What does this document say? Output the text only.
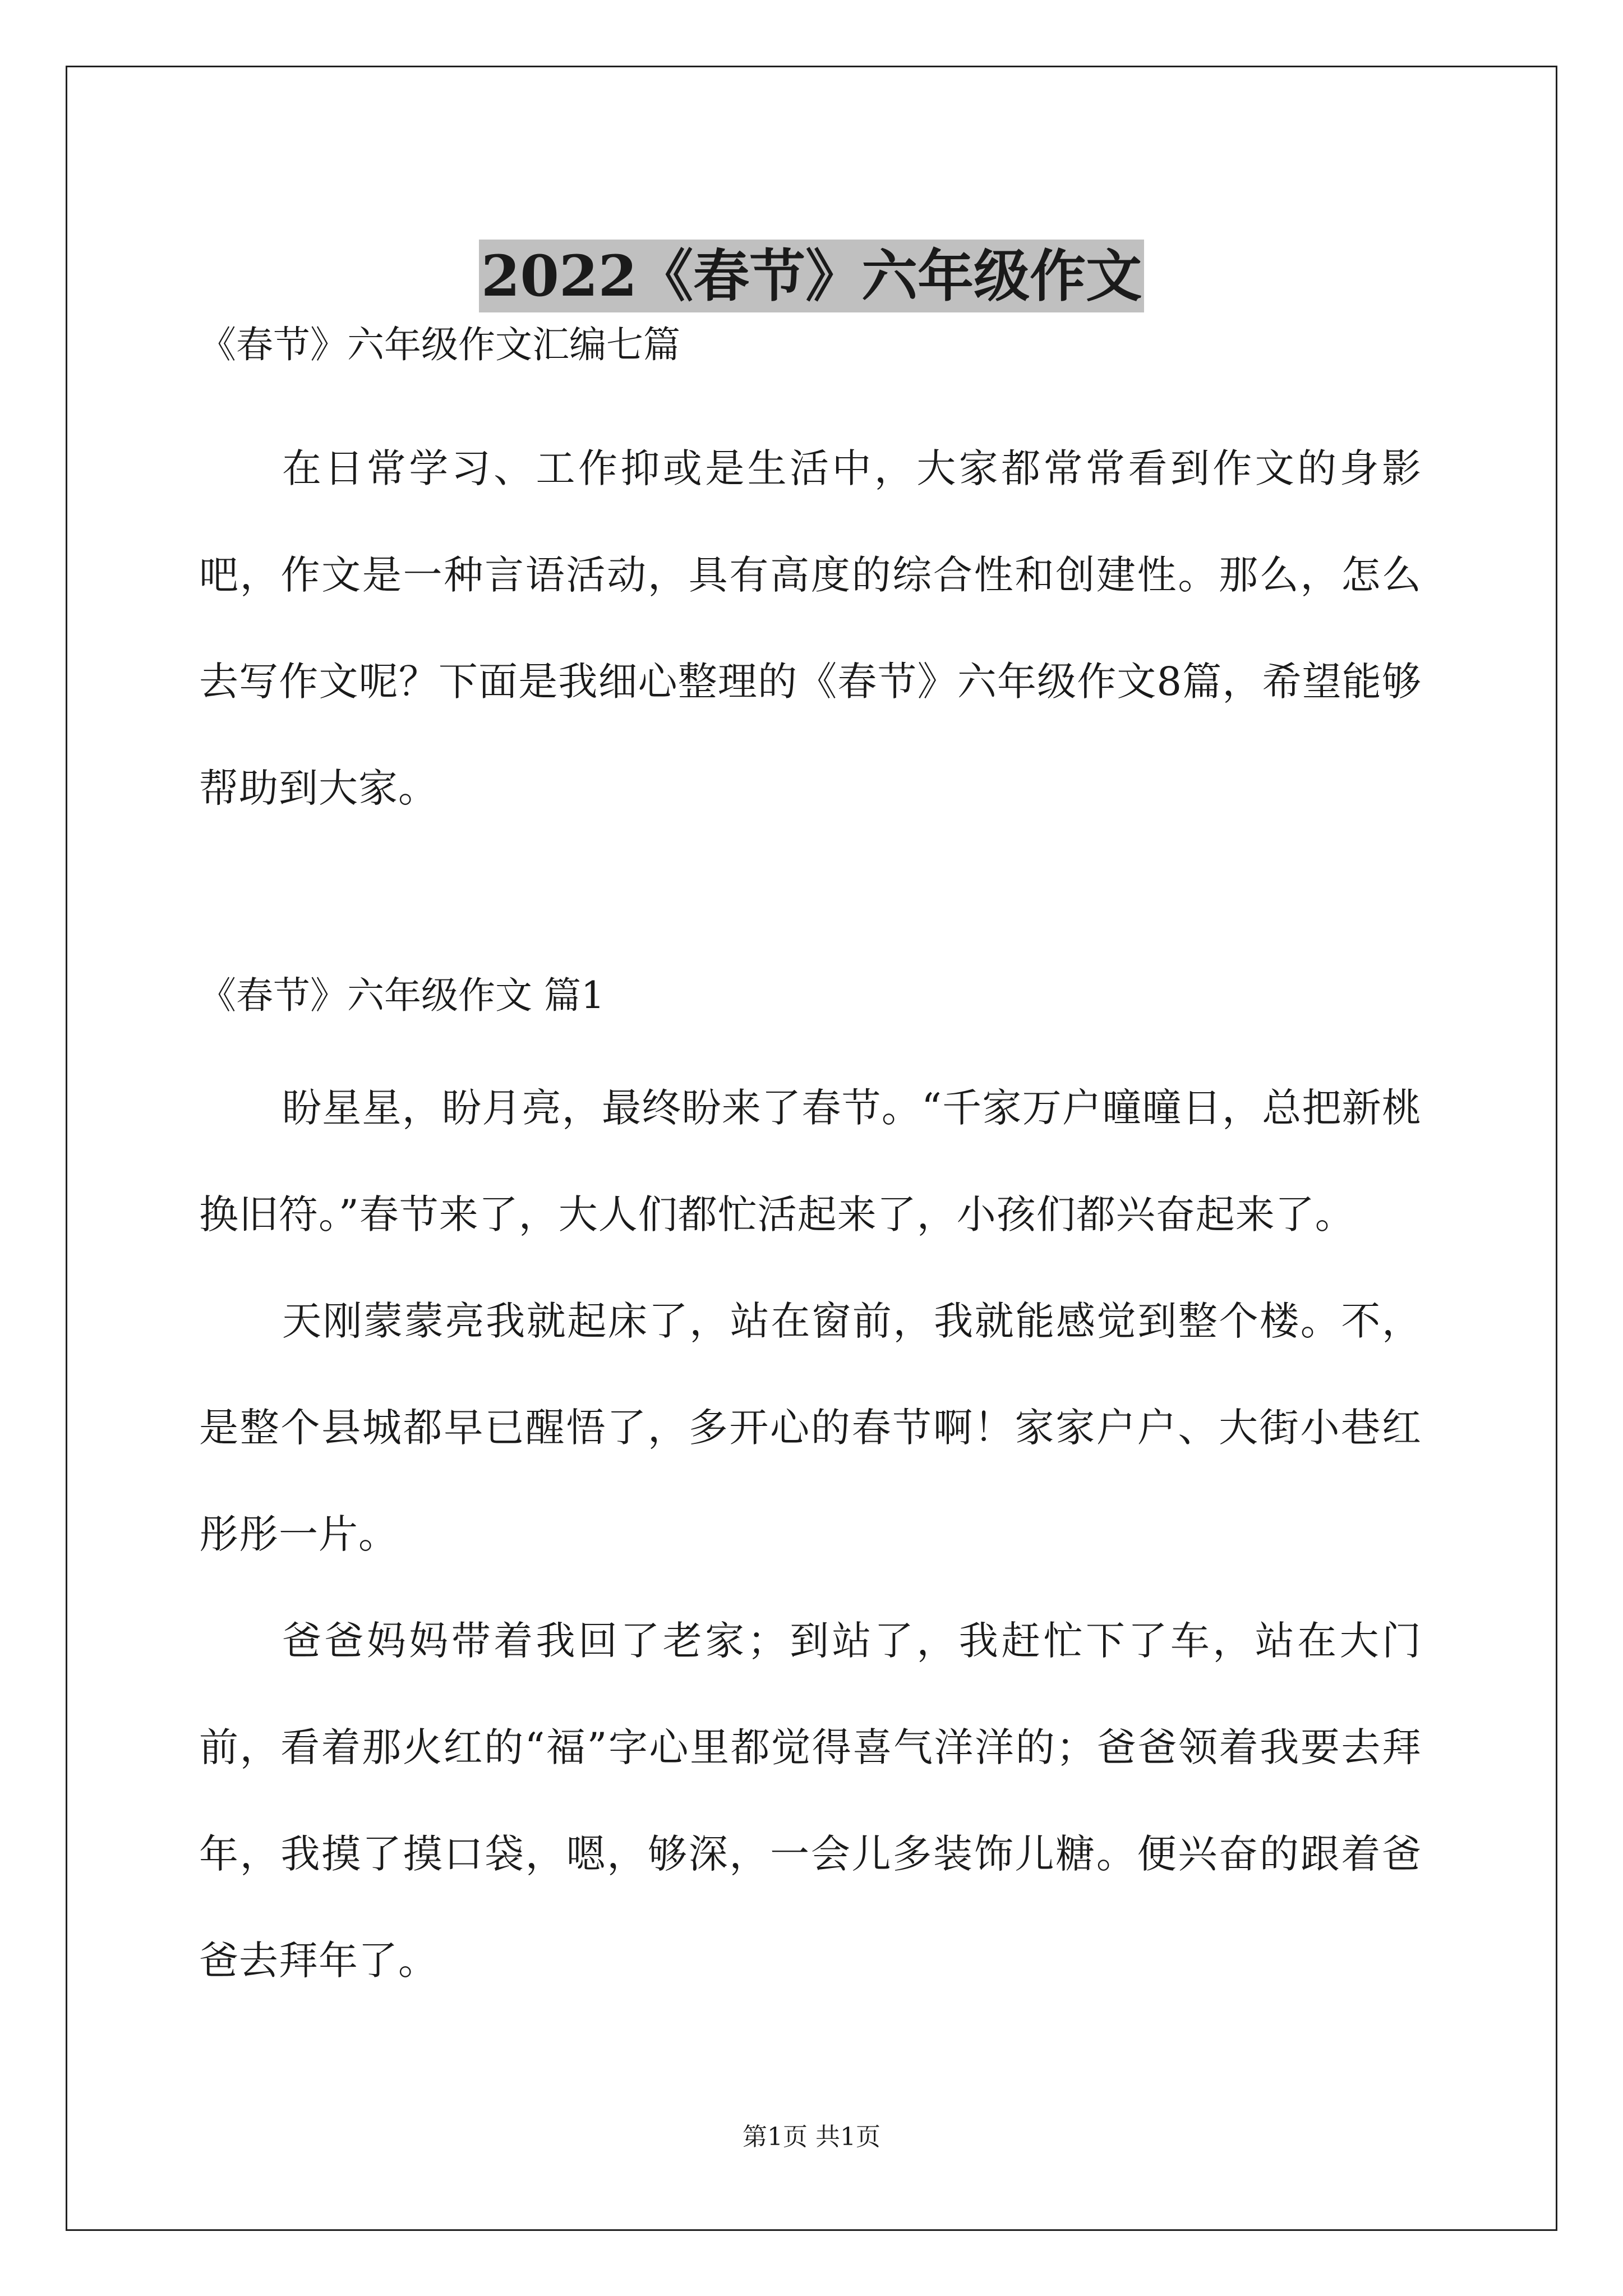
2022《春节》六年级作文

《春节》六年级作文汇编七篇

在日常学习、工作抑或是生活中，大家都常常看到作文的身影吧，作文是一种言语活动，具有高度的综合性和创建性。那么，怎么去写作文呢？下面是我细心整理的《春节》六年级作文8篇，希望能够帮助到大家。

《春节》六年级作文 篇1

盼星星，盼月亮，最终盼来了春节。“千家万户曈曈日，总把新桃换旧符。”春节来了，大人们都忙活起来了，小孩们都兴奋起来了。

天刚蒙蒙亮我就起床了，站在窗前，我就能感觉到整个楼。不，是整个县城都早已醒悟了，多开心的春节啊！家家户户、大街小巷红彤彤一片。

爸爸妈妈带着我回了老家；到站了，我赶忙下了车，站在大门前，看着那火红的“福”字心里都觉得喜气洋洋的；爸爸领着我要去拜年，我摸了摸口袋，嗯，够深，一会儿多装饰儿糖。便兴奋的跟着爸爸去拜年了。

第1页 共1页
